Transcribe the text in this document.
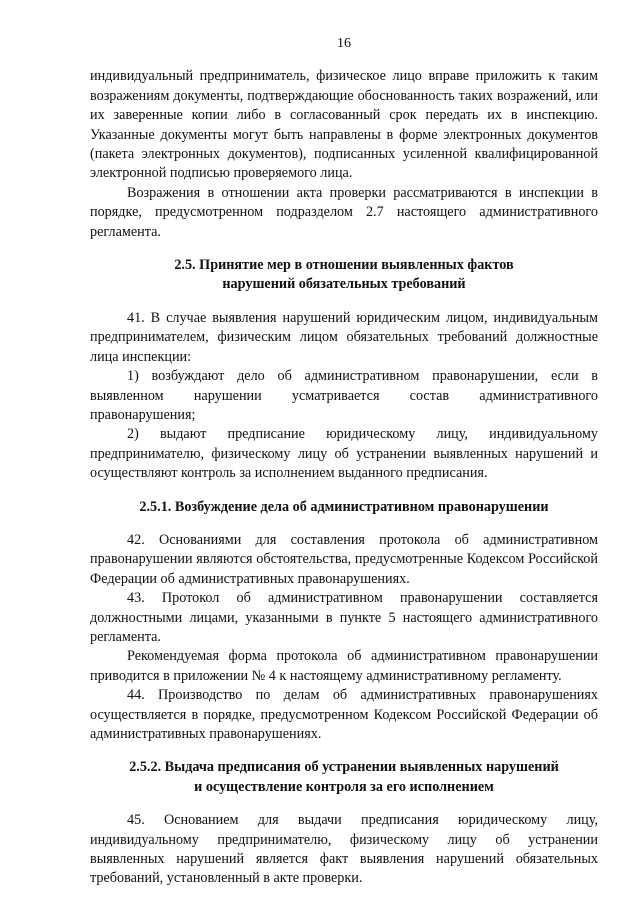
16

индивидуальный предприниматель, физическое лицо вправе приложить к таким возражениям документы, подтверждающие обоснованность таких возражений, или их заверенные копии либо в согласованный срок передать их в инспекцию. Указанные документы могут быть направлены в форме электронных документов (пакета электронных документов), подписанных усиленной квалифицированной электронной подписью проверяемого лица.

Возражения в отношении акта проверки рассматриваются в инспекции в порядке, предусмотренном подразделом 2.7 настоящего административного регламента.

2.5. Принятие мер в отношении выявленных фактов
нарушений обязательных требований

41. В случае выявления нарушений юридическим лицом, индивидуальным предпринимателем, физическим лицом обязательных требований должностные лица инспекции:

1) возбуждают дело об административном правонарушении, если в выявленном нарушении усматривается состав административного правонарушения;

2) выдают предписание юридическому лицу, индивидуальному предпринимателю, физическому лицу об устранении выявленных нарушений и осуществляют контроль за исполнением выданного предписания.

2.5.1. Возбуждение дела об административном правонарушении

42. Основаниями для составления протокола об административном правонарушении являются обстоятельства, предусмотренные Кодексом Российской Федерации об административных правонарушениях.

43. Протокол об административном правонарушении составляется должностными лицами, указанными в пункте 5 настоящего административного регламента.

Рекомендуемая форма протокола об административном правонарушении приводится в приложении № 4 к настоящему административному регламенту.

44. Производство по делам об административных правонарушениях осуществляется в порядке, предусмотренном Кодексом Российской Федерации об административных правонарушениях.

2.5.2. Выдача предписания об устранении выявленных нарушений
и осуществление контроля за его исполнением

45. Основанием для выдачи предписания юридическому лицу, индивидуальному предпринимателю, физическому лицу об устранении выявленных нарушений является факт выявления нарушений обязательных требований, установленный в акте проверки.
